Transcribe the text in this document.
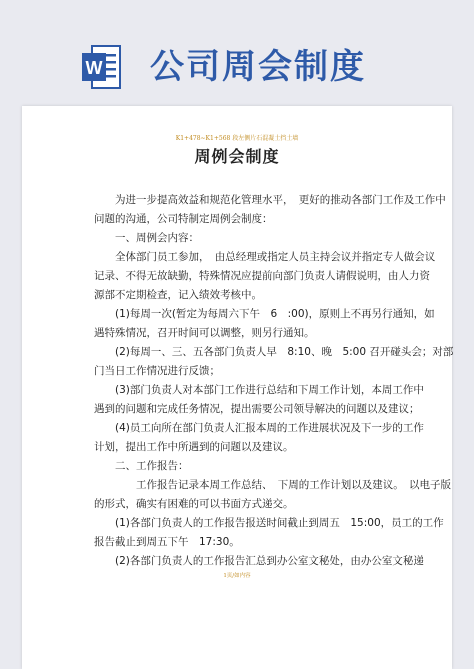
W 公司周会制度
K1+478~K1+568 段左侧片石混凝土挡土墙
周例会制度
　　为进一步提高效益和规范化管理水平，　更好的推动各部门工作及工作中
问题的沟通，公司特制定周例会制度：
　　一、周例会内容：
　　全体部门员工参加，　由总经理或指定人员主持会议并指定专人做会议
记录、不得无故缺勤，特殊情况应提前向部门负责人请假说明，由人力资
源部不定期检查，记入绩效考核中。
　　(1)每周一次(暂定为每周六下午　6　:00)，原则上不再另行通知，如
遇特殊情况，召开时间可以调整，则另行通知。
　　(2)每周一、三、五各部门负责人早　8:10、晚　5:00 召开碰头会；对部
门当日工作情况进行反馈；
　　(3)部门负责人对本部门工作进行总结和下周工作计划，本周工作中
遇到的问题和完成任务情况，提出需要公司领导解决的问题以及建议；
　　(4)员工向所在部门负责人汇报本周的工作进展状况及下一步的工作
计划，提出工作中所遇到的问题以及建议。
　　二、工作报告：
　　　　工作报告记录本周工作总结、　下周的工作计划以及建议。　以电子版
的形式，确实有困难的可以书面方式递交。
　　(1)各部门负责人的工作报告报送时间截止到周五　15:00，员工的工作
报告截止到周五下午　17:30。
　　(2)各部门负责人的工作报告汇总到办公室文秘处，由办公室文秘递
1页/如内容
